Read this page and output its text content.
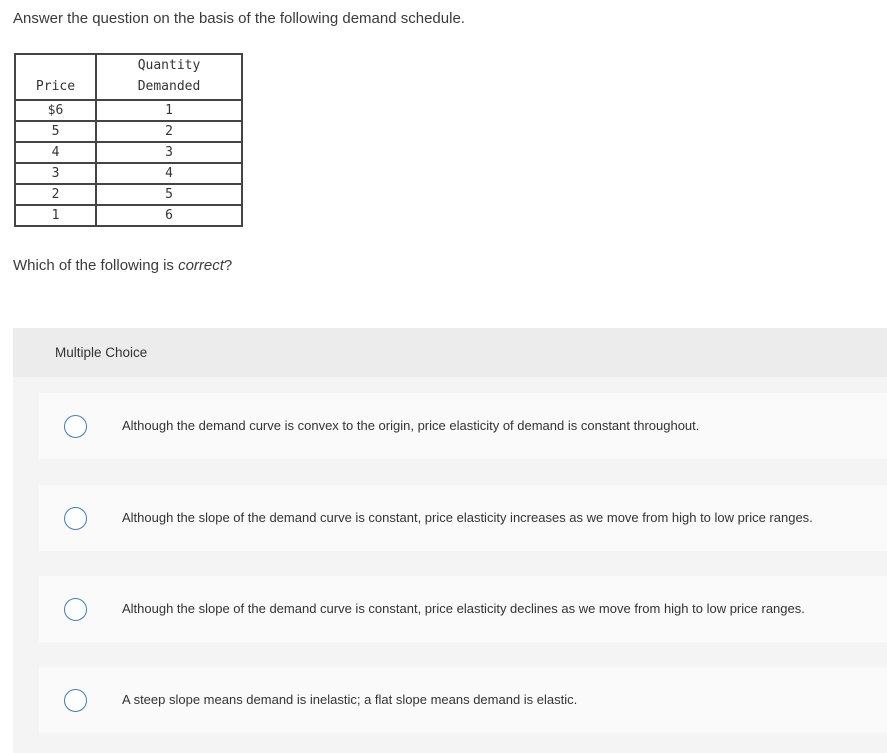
Answer the question on the basis of the following demand schedule.
Price	Quantity
Demanded
$6	1
5	2
4	3
3	4
2	5
1	6
Which of the following is correct?
Multiple Choice
Although the demand curve is convex to the origin, price elasticity of demand is constant throughout.
Although the slope of the demand curve is constant, price elasticity increases as we move from high to low price ranges.
Although the slope of the demand curve is constant, price elasticity declines as we move from high to low price ranges.
A steep slope means demand is inelastic; a flat slope means demand is elastic.
